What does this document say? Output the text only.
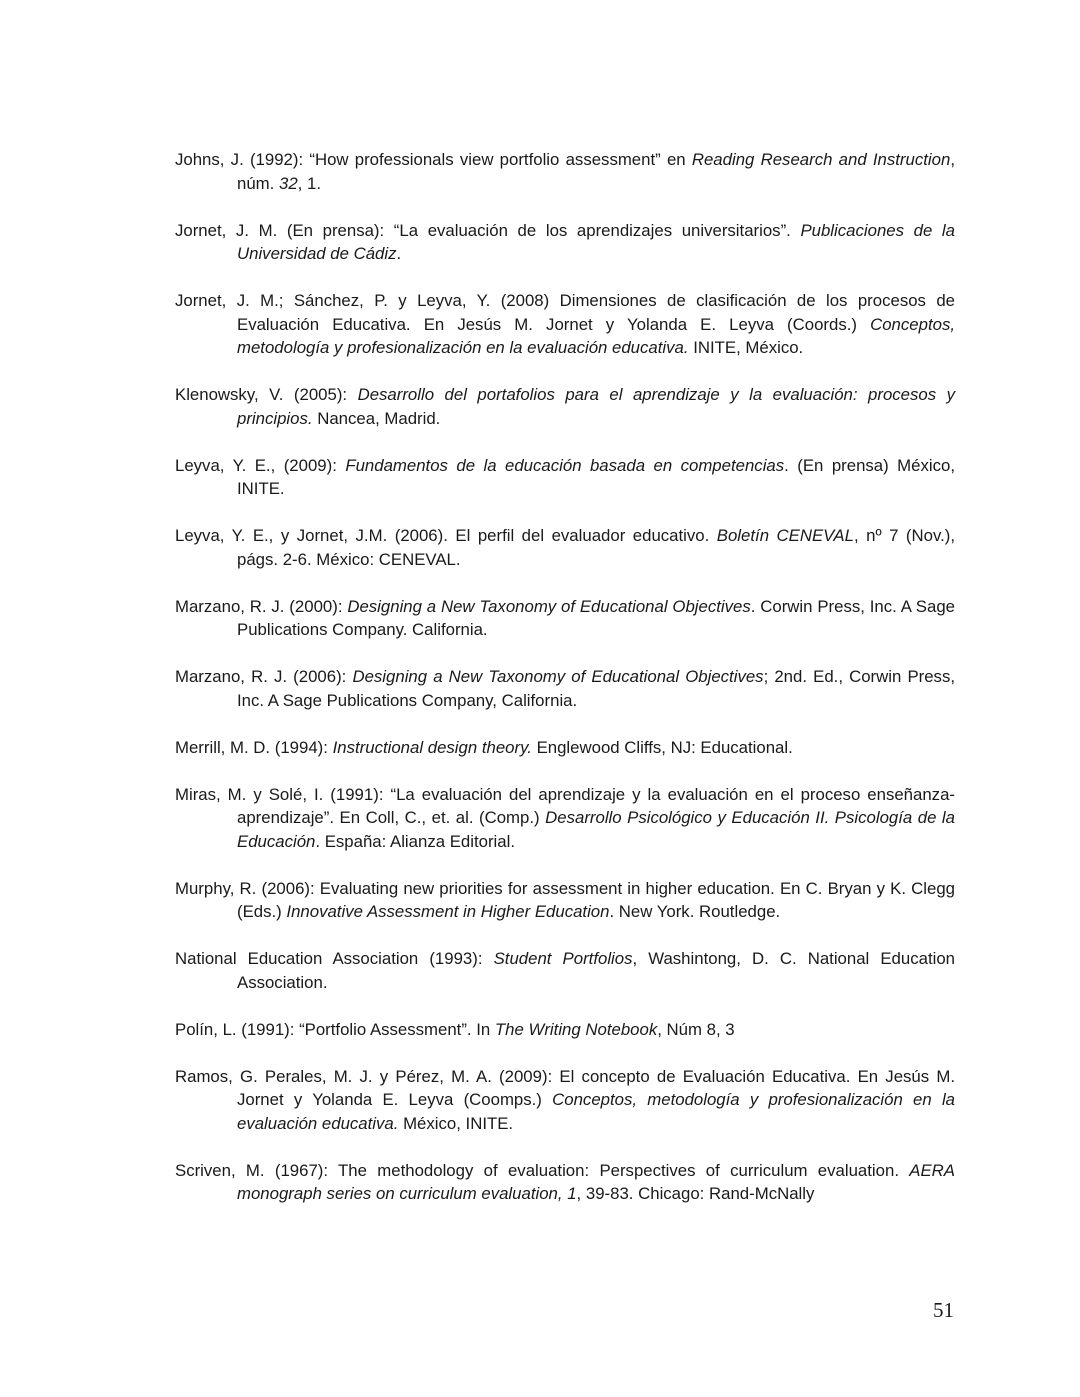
Johns, J. (1992): “How professionals view portfolio assessment” en Reading Research and Instruction, núm. 32, 1.

Jornet, J. M. (En prensa): “La evaluación de los aprendizajes universitarios”. Publicaciones de la Universidad de Cádiz.

Jornet, J. M.; Sánchez, P. y Leyva, Y. (2008) Dimensiones de clasificación de los procesos de Evaluación Educativa. En Jesús M. Jornet y Yolanda E. Leyva (Coords.) Conceptos, metodología y profesionalización en la evaluación educativa. INITE, México.

Klenowsky, V. (2005): Desarrollo del portafolios para el aprendizaje y la evaluación: procesos y principios. Nancea, Madrid.

Leyva, Y. E., (2009): Fundamentos de la educación basada en competencias. (En prensa) México, INITE.

Leyva, Y. E., y Jornet, J.M. (2006). El perfil del evaluador educativo. Boletín CENEVAL, nº 7 (Nov.), págs. 2-6. México: CENEVAL.

Marzano, R. J. (2000): Designing a New Taxonomy of Educational Objectives. Corwin Press, Inc. A Sage Publications Company. California.

Marzano, R. J. (2006): Designing a New Taxonomy of Educational Objectives; 2nd. Ed., Corwin Press, Inc. A Sage Publications Company, California.

Merrill, M. D. (1994): Instructional design theory. Englewood Cliffs, NJ: Educational.

Miras, M. y Solé, I. (1991): “La evaluación del aprendizaje y la evaluación en el proceso enseñanza-aprendizaje”. En Coll, C., et. al. (Comp.) Desarrollo Psicológico y Educación II. Psicología de la Educación. España: Alianza Editorial.

Murphy, R. (2006): Evaluating new priorities for assessment in higher education. En C. Bryan y K. Clegg (Eds.) Innovative Assessment in Higher Education. New York. Routledge.

National Education Association (1993): Student Portfolios, Washintong, D. C. National Education Association.

Polín, L. (1991): “Portfolio Assessment”. In The Writing Notebook, Núm 8, 3

Ramos, G. Perales, M. J. y Pérez, M. A. (2009): El concepto de Evaluación Educativa. En Jesús M. Jornet y Yolanda E. Leyva (Coomps.) Conceptos, metodología y profesionalización en la evaluación educativa. México, INITE.

Scriven, M. (1967): The methodology of evaluation: Perspectives of curriculum evaluation. AERA monograph series on curriculum evaluation, 1, 39-83. Chicago: Rand-McNally

51
